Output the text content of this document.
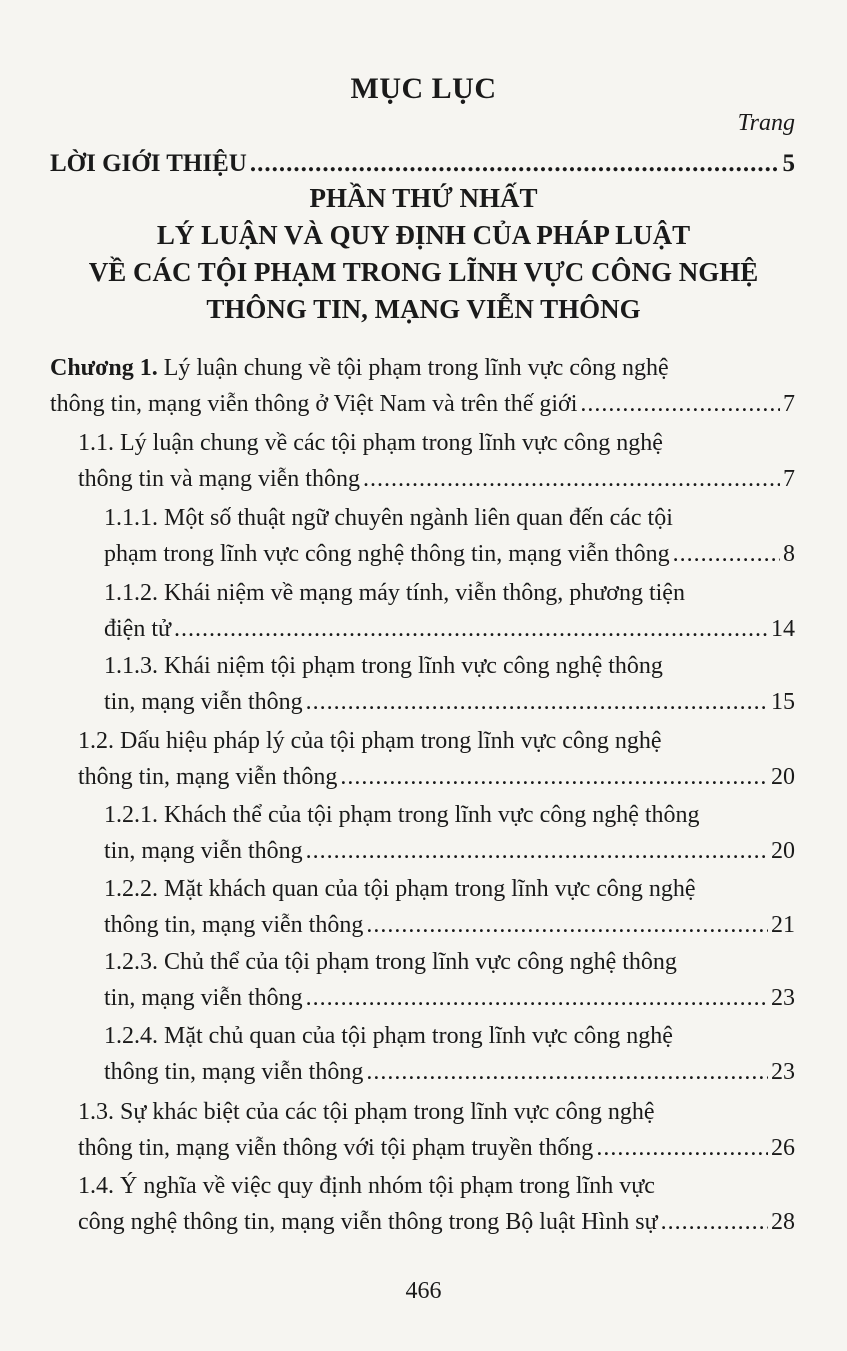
MỤC LỤC
Trang
LỜI GIỚI THIỆU .....	5
PHẦN THỨ NHẤT
LÝ LUẬN VÀ QUY ĐỊNH CỦA PHÁP LUẬT
VỀ CÁC TỘI PHẠM TRONG LĨNH VỰC CÔNG NGHỆ
THÔNG TIN, MẠNG VIỄN THÔNG
Chương 1.
Lý luận chung về tội phạm trong lĩnh vực công nghệ
thông tin, mạng viễn thông ở Việt Nam và trên thế giới .....	7
1.1. Lý luận chung về các tội phạm trong lĩnh vực công nghệ
thông tin và mạng viễn thông .....	7
1.1.1. Một số thuật ngữ chuyên ngành liên quan đến các tội
phạm trong lĩnh vực công nghệ thông tin, mạng viễn thông .....	8
1.1.2. Khái niệm về mạng máy tính, viễn thông, phương tiện
điện tử .....	14
1.1.3. Khái niệm tội phạm trong lĩnh vực công nghệ thông
tin, mạng viễn thông .....	15
1.2. Dấu hiệu pháp lý của tội phạm trong lĩnh vực công nghệ
thông tin, mạng viễn thông .....	20
1.2.1. Khách thể của tội phạm trong lĩnh vực công nghệ thông
tin, mạng viễn thông .....	20
1.2.2. Mặt khách quan của tội phạm trong lĩnh vực công nghệ
thông tin, mạng viễn thông .....	21
1.2.3. Chủ thể của tội phạm trong lĩnh vực công nghệ thông
tin, mạng viễn thông .....	23
1.2.4. Mặt chủ quan của tội phạm trong lĩnh vực công nghệ
thông tin, mạng viễn thông .....	23
1.3. Sự khác biệt của các tội phạm trong lĩnh vực công nghệ
thông tin, mạng viễn thông với tội phạm truyền thống .....	26
1.4. Ý nghĩa về việc quy định nhóm tội phạm trong lĩnh vực
công nghệ thông tin, mạng viễn thông trong Bộ luật Hình sự .....	28
466
